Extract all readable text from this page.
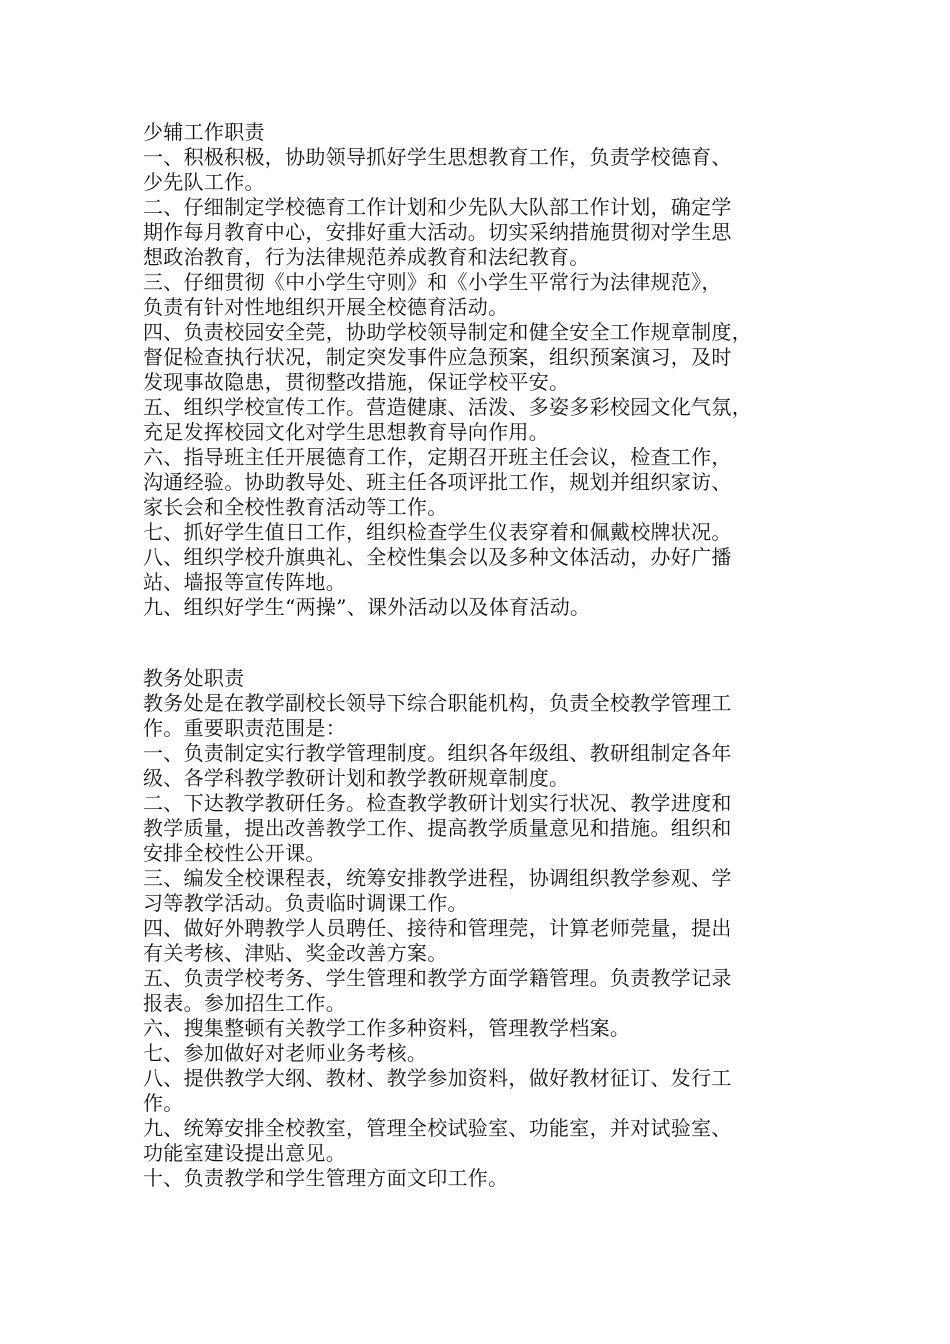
少辅工作职责

一、积极积极，协助领导抓好学生思想教育工作，负责学校德育、

少先队工作。

二、仔细制定学校德育工作计划和少先队大队部工作计划，确定学

期作每月教育中心，安排好重大活动。切实采纳措施贯彻对学生思

想政治教育，行为法律规范养成教育和法纪教育。

三、仔细贯彻《中小学生守则》和《小学生平常行为法律规范》，

负责有针对性地组织开展全校德育活动。

四、负责校园安全莞，协助学校领导制定和健全安全工作规章制度，

督促检查执行状况，制定突发事件应急预案，组织预案演习，及时

发现事故隐患，贯彻整改措施，保证学校平安。

五、组织学校宣传工作。营造健康、活泼、多姿多彩校园文化气氛，

充足发挥校园文化对学生思想教育导向作用。

六、指导班主任开展德育工作，定期召开班主任会议，检查工作，

沟通经验。协助教导处、班主任各项评批工作，规划并组织家访、

家长会和全校性教育活动等工作。

七、抓好学生值日工作，组织检查学生仪表穿着和佩戴校牌状况。

八、组织学校升旗典礼、全校性集会以及多种文体活动，办好广播

站、墙报等宣传阵地。

九、组织好学生“两操”、课外活动以及体育活动。

教务处职责

教务处是在教学副校长领导下综合职能机构，负责全校教学管理工

作。重要职责范围是：

一、负责制定实行教学管理制度。组织各年级组、教研组制定各年

级、各学科教学教研计划和教学教研规章制度。

二、下达教学教研任务。检查教学教研计划实行状况、教学进度和

教学质量，提出改善教学工作、提高教学质量意见和措施。组织和

安排全校性公开课。

三、编发全校课程表，统筹安排教学进程，协调组织教学参观、学

习等教学活动。负责临时调课工作。

四、做好外聘教学人员聘任、接待和管理莞，计算老师莞量，提出

有关考核、津贴、奖金改善方案。

五、负责学校考务、学生管理和教学方面学籍管理。负责教学记录

报表。参加招生工作。

六、搜集整顿有关教学工作多种资料，管理教学档案。

七、参加做好对老师业务考核。

八、提供教学大纲、教材、教学参加资料，做好教材征订、发行工

作。

九、统筹安排全校教室，管理全校试验室、功能室，并对试验室、

功能室建设提出意见。

十、负责教学和学生管理方面文印工作。
